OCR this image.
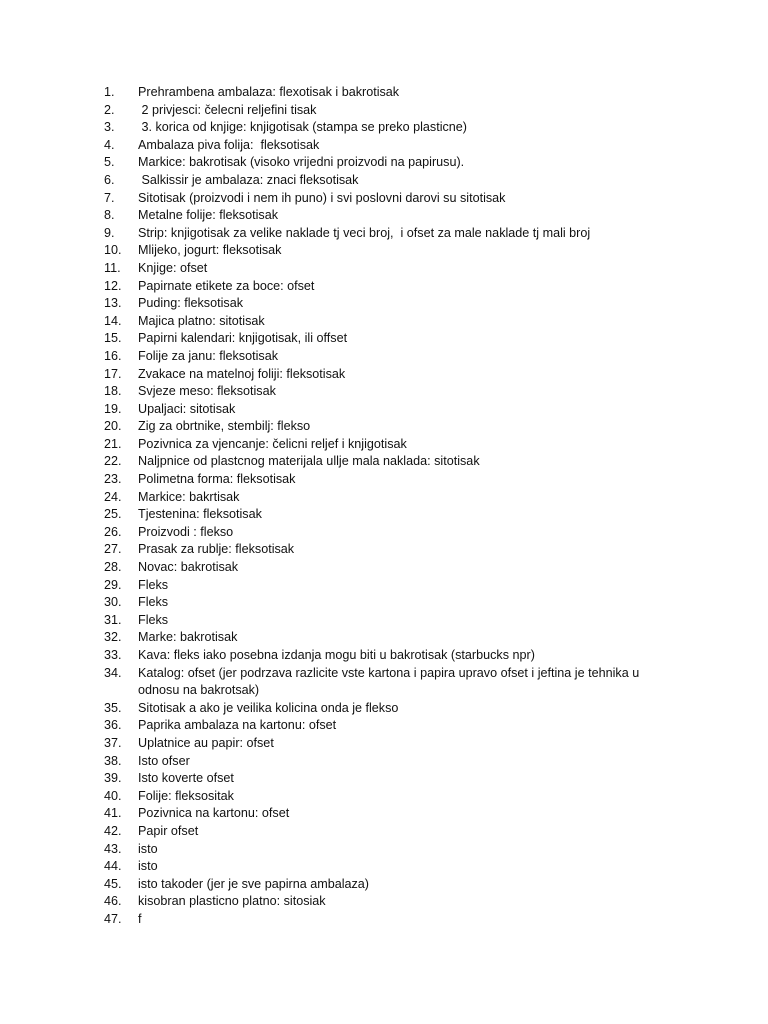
1.	Prehrambena ambalaza: flexotisak i bakrotisak
2.	2 privjesci: čelecni reljefini tisak
3.	3. korica od knjige: knjigotisak (stampa se preko plasticne)
4.	Ambalaza piva folija:  fleksotisak
5.	Markice: bakrotisak (visoko vrijedni proizvodi na papirusu).
6.	Salkissir je ambalaza: znaci fleksotisak
7.	Sitotisak (proizvodi i nem ih puno) i svi poslovni darovi su sitotisak
8.	Metalne folije: fleksotisak
9.	Strip: knjigotisak za velike naklade tj veci broj,  i ofset za male naklade tj mali broj
10.	Mlijeko, jogurt: fleksotisak
11.	Knjige: ofset
12.	Papirnate etikete za boce: ofset
13.	Puding: fleksotisak
14.	Majica platno: sitotisak
15.	Papirni kalendari: knjigotisak, ili offset
16.	Folije za janu: fleksotisak
17.	Zvakace na matelnoj foliji: fleksotisak
18.	Svjeze meso: fleksotisak
19.	Upaljaci: sitotisak
20.	Zig za obrtnike, stembilj: flekso
21.	Pozivnica za vjencanje: čelicni reljef i knjigotisak
22.	Naljpnice od plastcnog materijala ullje mala naklada: sitotisak
23.	Polimetna forma: fleksotisak
24.	Markice: bakrtisak
25.	Tjestenina: fleksotisak
26.	Proizvodi : flekso
27.	Prasak za rublje: fleksotisak
28.	Novac: bakrotisak
29.	Fleks
30.	Fleks
31.	Fleks
32.	Marke: bakrotisak
33.	Kava: fleks iako posebna izdanja mogu biti u bakrotisak (starbucks npr)
34.	Katalog: ofset (jer podrzava razlicite vste kartona i papira upravo ofset i jeftina je tehnika u
odnosu na bakrotsak)
35.	Sitotisak a ako je veilika kolicina onda je flekso
36.	Paprika ambalaza na kartonu: ofset
37.	Uplatnice au papir: ofset
38.	Isto ofser
39.	Isto koverte ofset
40.	Folije: fleksositak
41.	Pozivnica na kartonu: ofset
42.	Papir ofset
43.	isto
44.	isto
45.	isto takoder (jer je sve papirna ambalaza)
46.	kisobran plasticno platno: sitosiak
47.	f
